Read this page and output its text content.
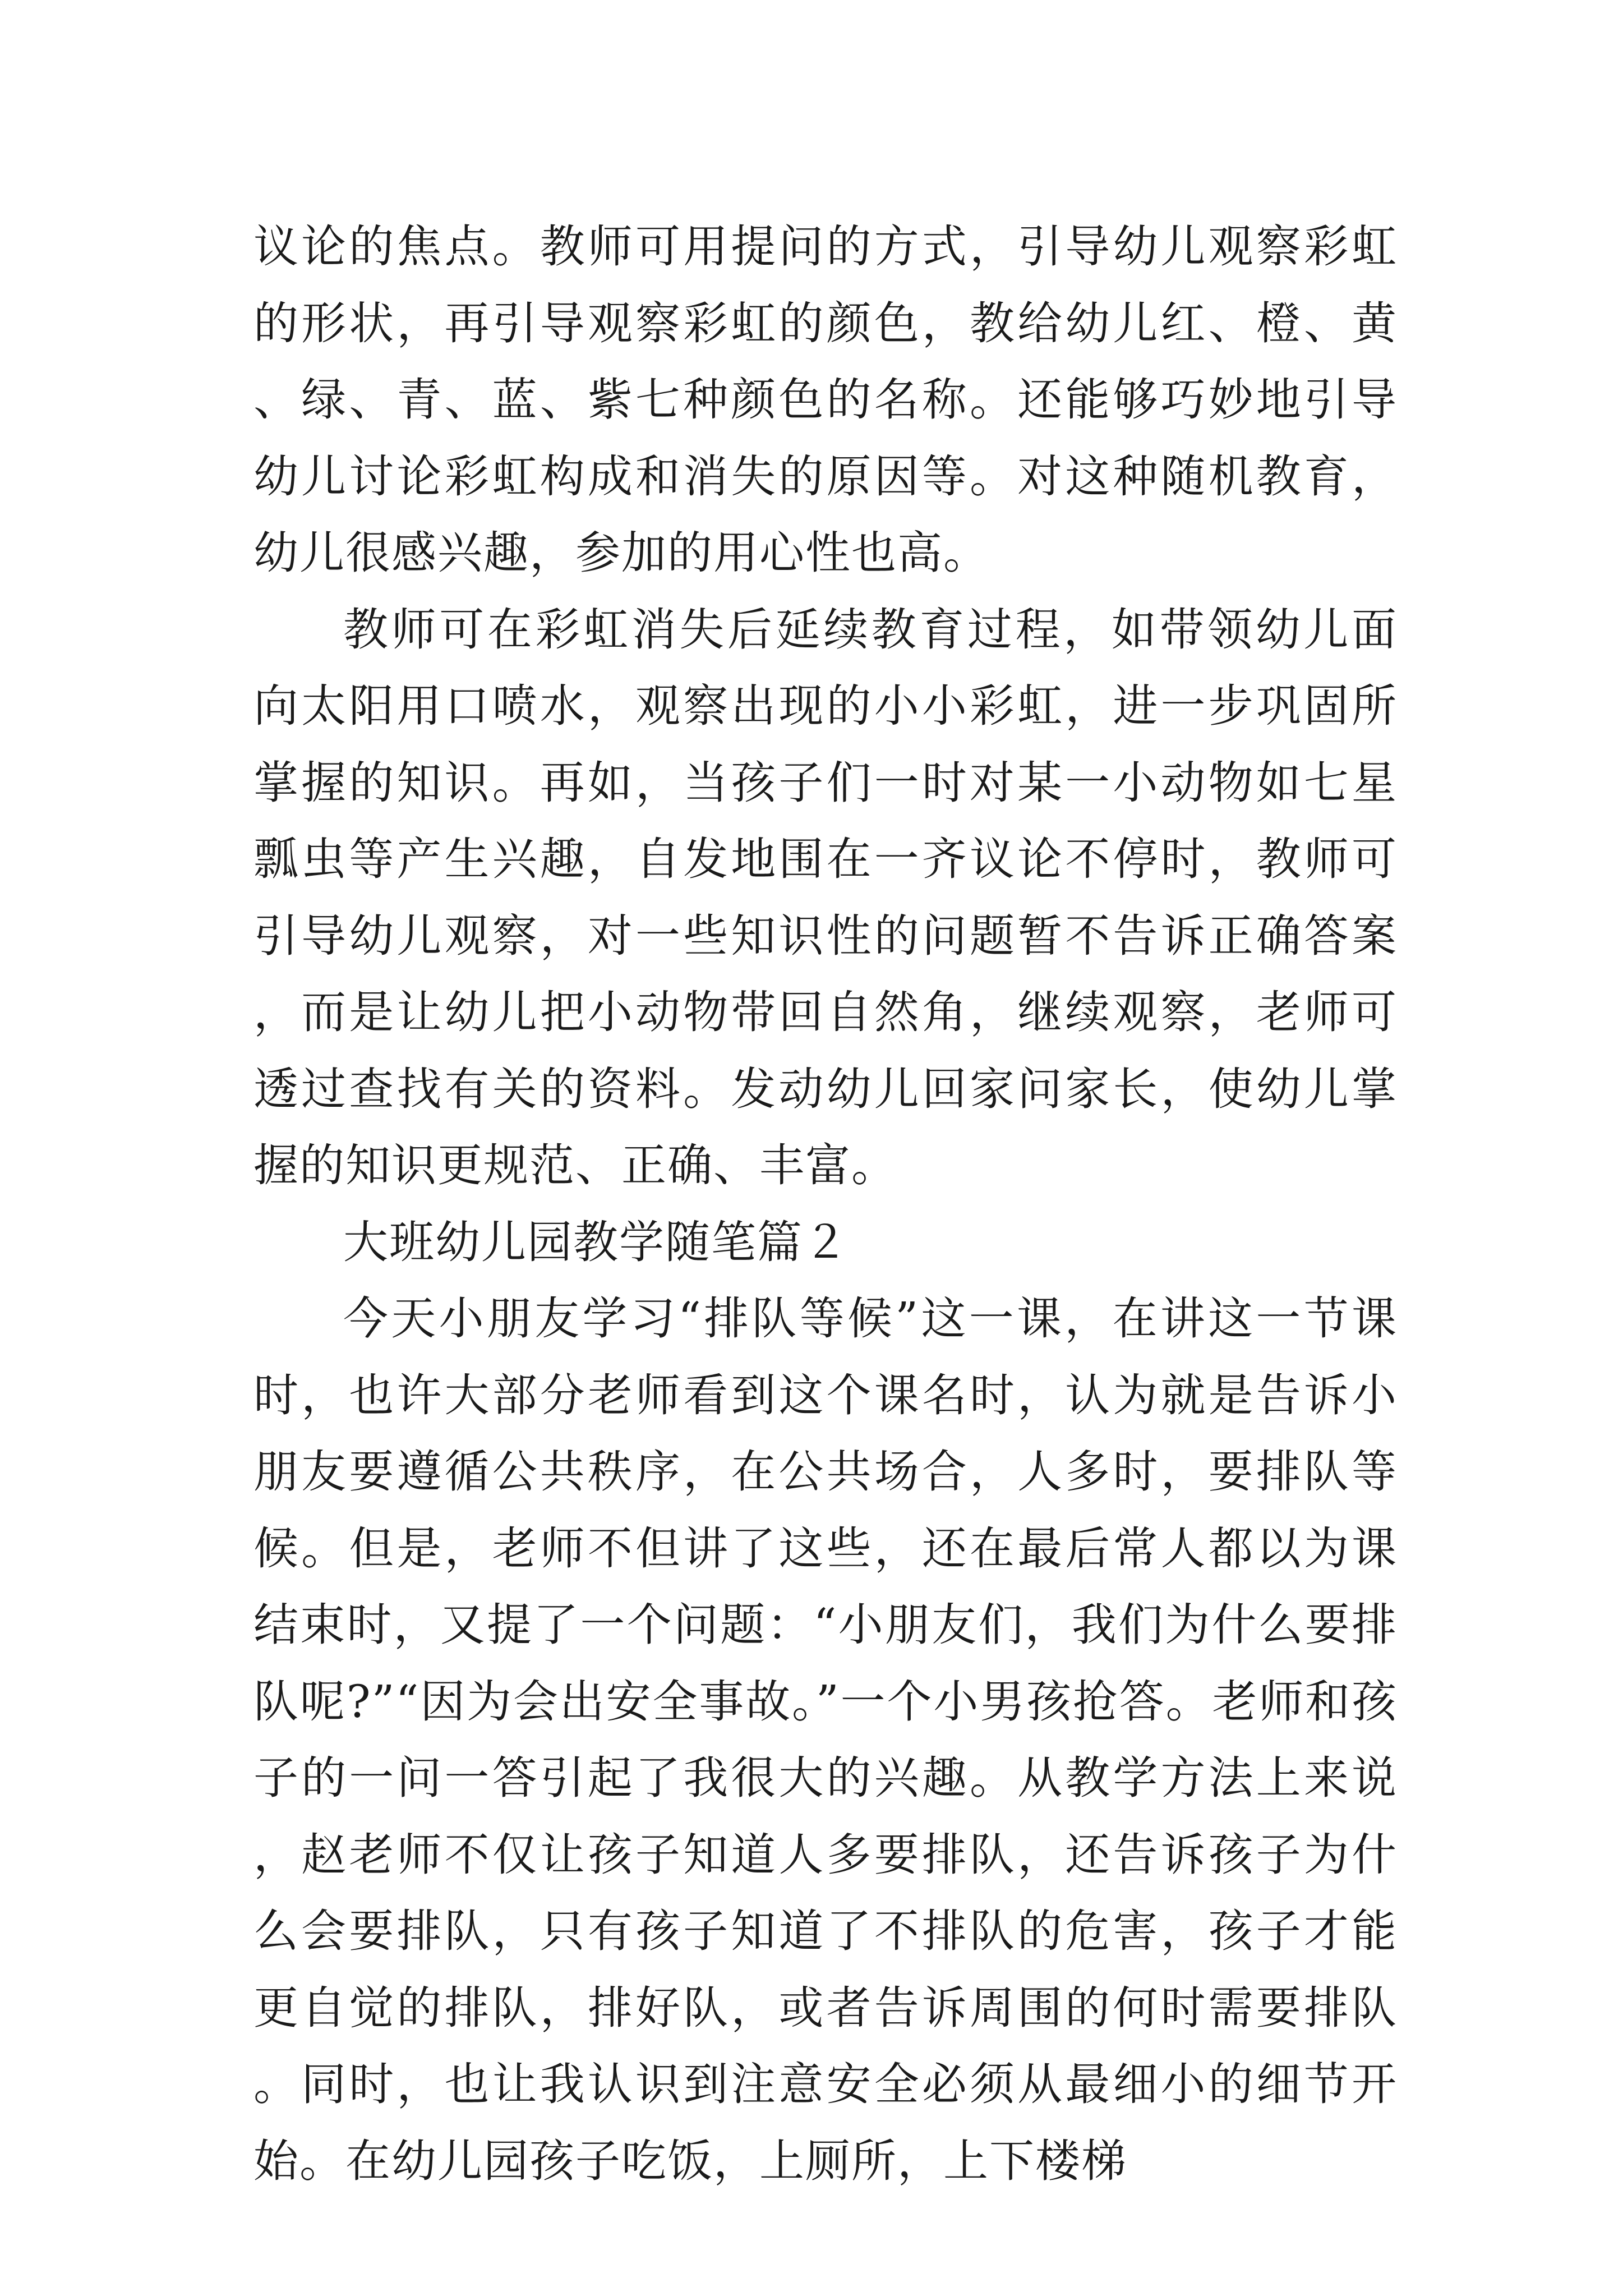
议论的焦点。教师可用提问的方式，引导幼儿观察彩虹的形状，再引导观察彩虹的颜色，教给幼儿红、橙、黄、绿、青、蓝、紫七种颜色的名称。还能够巧妙地引导幼儿讨论彩虹构成和消失的原因等。对这种随机教育，幼儿很感兴趣，参加的用心性也高。

教师可在彩虹消失后延续教育过程，如带领幼儿面向太阳用口喷水，观察出现的小小彩虹，进一步巩固所掌握的知识。再如，当孩子们一时对某一小动物如七星瓢虫等产生兴趣，自发地围在一齐议论不停时，教师可引导幼儿观察，对一些知识性的问题暂不告诉正确答案，而是让幼儿把小动物带回自然角，继续观察，老师可透过查找有关的资料。发动幼儿回家问家长，使幼儿掌握的知识更规范、正确、丰富。

大班幼儿园教学随笔篇２

今天小朋友学习“排队等候”这一课，在讲这一节课时，也许大部分老师看到这个课名时，认为就是告诉小朋友要遵循公共秩序，在公共场合，人多时，要排队等候。但是，老师不但讲了这些，还在最后常人都以为课结束时，又提了一个问题：“小朋友们，我们为什么要排队呢?”“因为会出安全事故。”一个小男孩抢答。老师和孩子的一问一答引起了我很大的兴趣。从教学方法上来说，赵老师不仅让孩子知道人多要排队，还告诉孩子为什么会要排队，只有孩子知道了不排队的危害，孩子才能更自觉的排队，排好队，或者告诉周围的何时需要排队。同时，也让我认识到注意安全必须从最细小的细节开始。在幼儿园孩子吃饭，上厕所，上下楼梯
